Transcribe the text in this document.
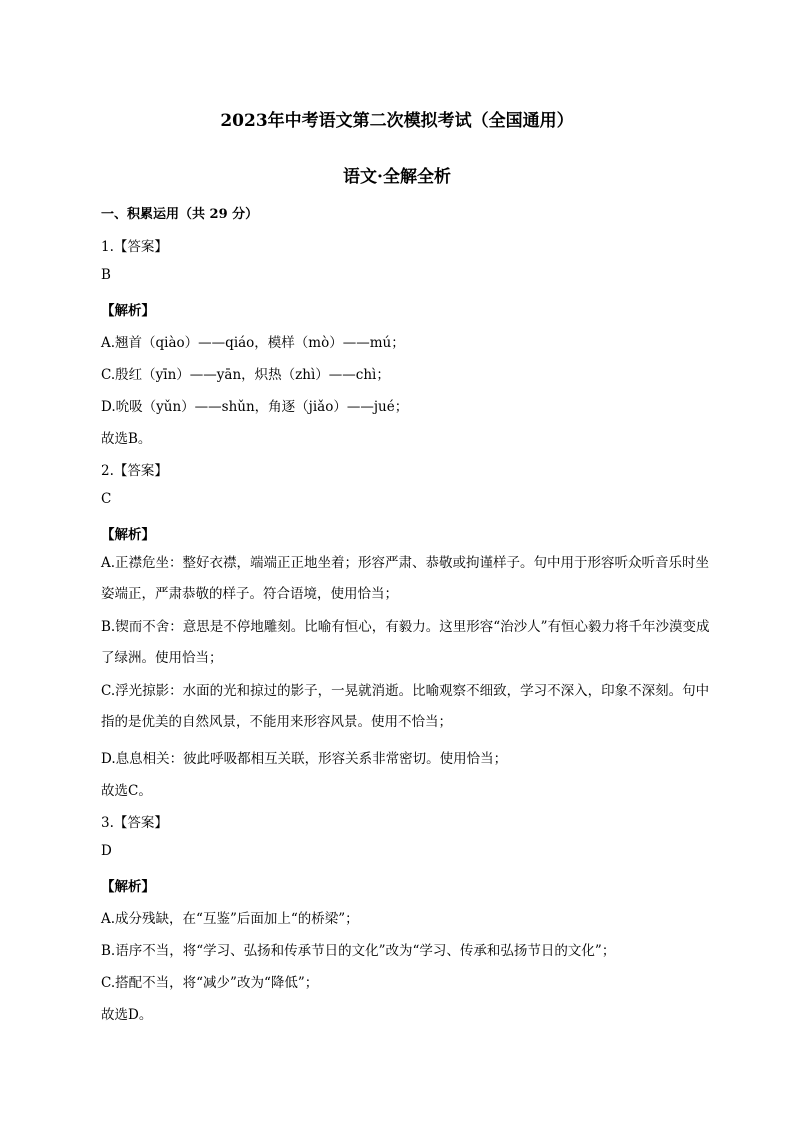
2023年中考语文第二次模拟考试（全国通用）
语文·全解全析
一、积累运用（共 29 分）
1.【答案】
B
【解析】
A.翘首（qiào）——qiáo，模样（mò）——mú；
C.殷红（yīn）——yān，炽热（zhì）——chì；
D.吮吸（yǔn）——shǔn，角逐（jiǎo）——jué；
故选B。
2.【答案】
C
【解析】
A.正襟危坐：整好衣襟，端端正正地坐着；形容严肃、恭敬或拘谨样子。句中用于形容听众听音乐时坐姿端正，严肃恭敬的样子。符合语境，使用恰当；
B.锲而不舍：意思是不停地雕刻。比喻有恒心，有毅力。这里形容“治沙人”有恒心毅力将千年沙漠变成了绿洲。使用恰当；
C.浮光掠影：水面的光和掠过的影子，一晃就消逝。比喻观察不细致，学习不深入，印象不深刻。句中指的是优美的自然风景，不能用来形容风景。使用不恰当；
D.息息相关：彼此呼吸都相互关联，形容关系非常密切。使用恰当；
故选C。
3.【答案】
D
【解析】
A.成分残缺，在“互鉴”后面加上“的桥梁”；
B.语序不当，将“学习、弘扬和传承节日的文化”改为“学习、传承和弘扬节日的文化”；
C.搭配不当，将“减少”改为“降低”；
故选D。
